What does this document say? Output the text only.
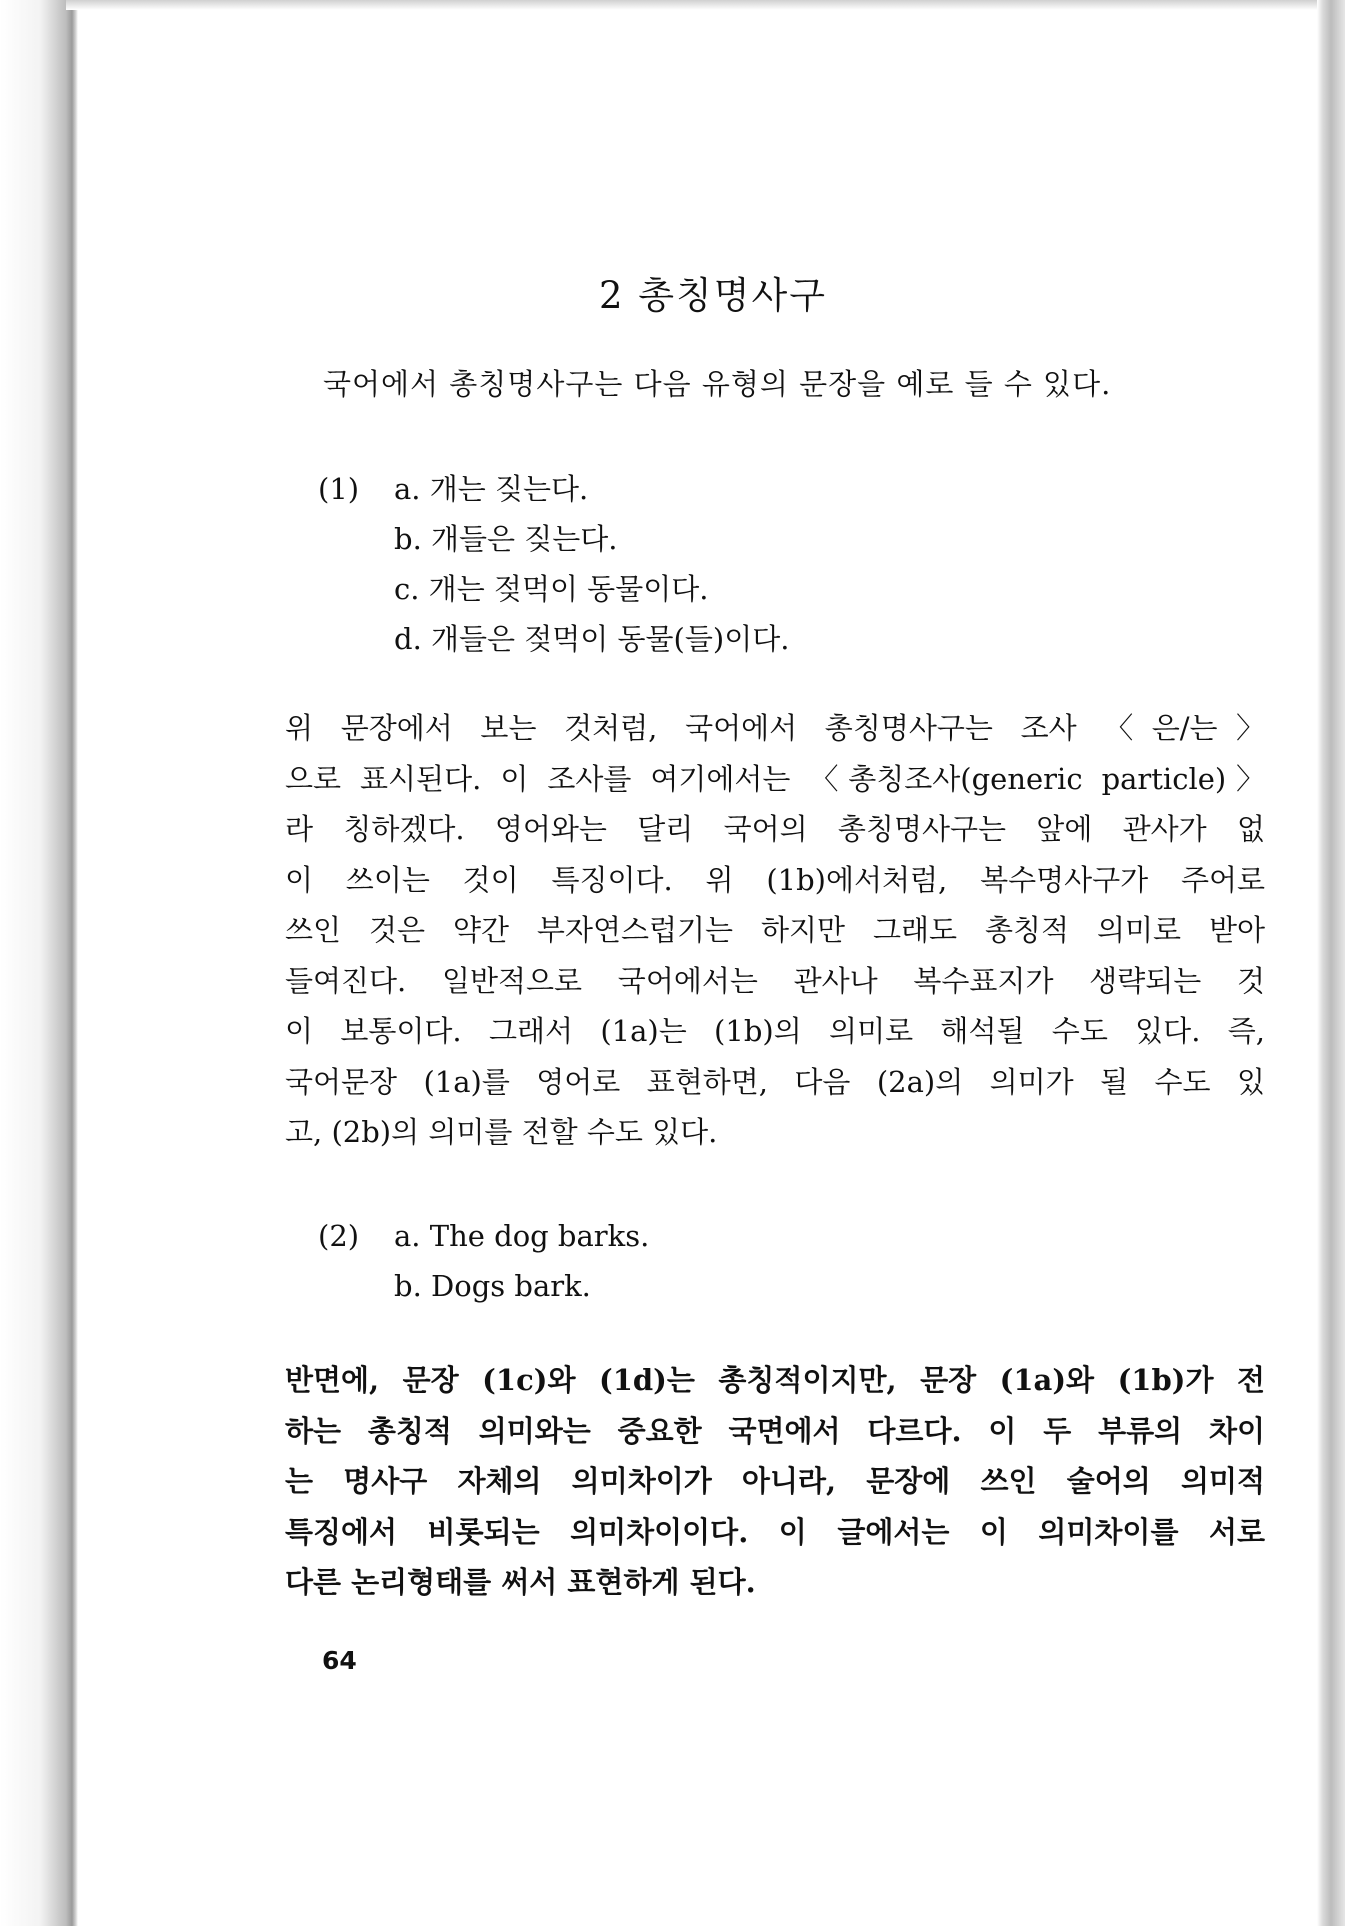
2 총칭명사구
국어에서 총칭명사구는 다음 유형의 문장을 예로 들 수 있다.
(1) a. 개는 짖는다.
b. 개들은 짖는다.
c. 개는 젖먹이 동물이다.
d. 개들은 젖먹이 동물(들)이다.
위 문장에서 보는 것처럼, 국어에서 총칭명사구는 조사 〈은/는〉
으로 표시된다. 이 조사를 여기에서는 〈총칭조사(generic particle)〉
라 칭하겠다. 영어와는 달리 국어의 총칭명사구는 앞에 관사가 없
이 쓰이는 것이 특징이다. 위 (1b)에서처럼, 복수명사구가 주어로
쓰인 것은 약간 부자연스럽기는 하지만 그래도 총칭적 의미로 받아
들여진다. 일반적으로 국어에서는 관사나 복수표지가 생략되는 것
이 보통이다. 그래서 (1a)는 (1b)의 의미로 해석될 수도 있다. 즉,
국어문장 (1a)를 영어로 표현하면, 다음 (2a)의 의미가 될 수도 있
고, (2b)의 의미를 전할 수도 있다.
(2) a. The dog barks.
b. Dogs bark.
반면에, 문장 (1c)와 (1d)는 총칭적이지만, 문장 (1a)와 (1b)가 전
하는 총칭적 의미와는 중요한 국면에서 다르다. 이 두 부류의 차이
는 명사구 자체의 의미차이가 아니라, 문장에 쓰인 술어의 의미적
특징에서 비롯되는 의미차이이다. 이 글에서는 이 의미차이를 서로
다른 논리형태를 써서 표현하게 된다.
64
